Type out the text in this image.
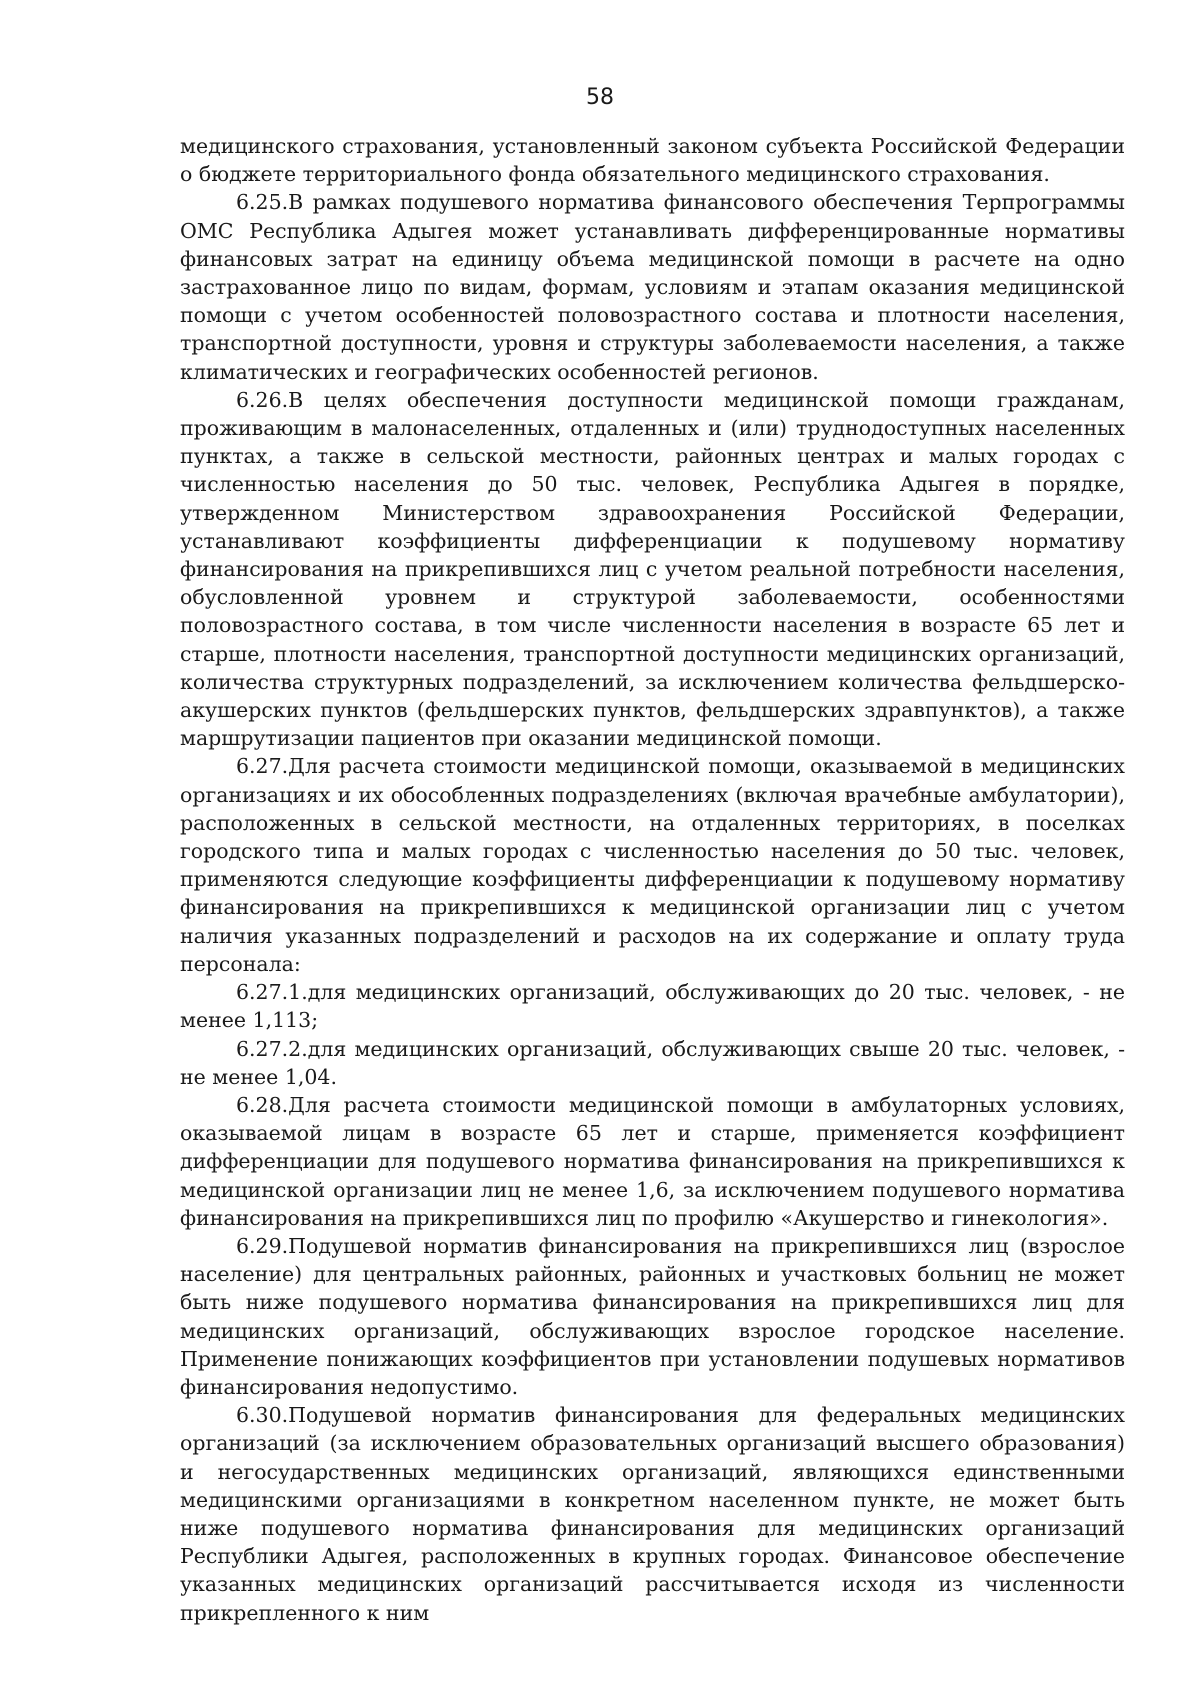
58

медицинского страхования, установленный законом субъекта Российской Федерации о бюджете территориального фонда обязательного медицинского страхования.

6.25.В рамках подушевого норматива финансового обеспечения Терпрограммы ОМС Республика Адыгея может устанавливать дифференцированные нормативы финансовых затрат на единицу объема медицинской помощи в расчете на одно застрахованное лицо по видам, формам, условиям и этапам оказания медицинской помощи с учетом особенностей половозрастного состава и плотности населения, транспортной доступности, уровня и структуры заболеваемости населения, а также климатических и географических особенностей регионов.

6.26.В целях обеспечения доступности медицинской помощи гражданам, проживающим в малонаселенных, отдаленных и (или) труднодоступных населенных пунктах, а также в сельской местности, районных центрах и малых городах с численностью населения до 50 тыс. человек, Республика Адыгея в порядке, утвержденном Министерством здравоохранения Российской Федерации, устанавливают коэффициенты дифференциации к подушевому нормативу финансирования на прикрепившихся лиц с учетом реальной потребности населения, обусловленной уровнем и структурой заболеваемости, особенностями половозрастного состава, в том числе численности населения в возрасте 65 лет и старше, плотности населения, транспортной доступности медицинских организаций, количества структурных подразделений, за исключением количества фельдшерско-акушерских пунктов (фельдшерских пунктов, фельдшерских здравпунктов), а также маршрутизации пациентов при оказании медицинской помощи.

6.27.Для расчета стоимости медицинской помощи, оказываемой в медицинских организациях и их обособленных подразделениях (включая врачебные амбулатории), расположенных в сельской местности, на отдаленных территориях, в поселках городского типа и малых городах с численностью населения до 50 тыс. человек, применяются следующие коэффициенты дифференциации к подушевому нормативу финансирования на прикрепившихся к медицинской организации лиц с учетом наличия указанных подразделений и расходов на их содержание и оплату труда персонала:

6.27.1.для медицинских организаций, обслуживающих до 20 тыс. человек, - не менее 1,113;

6.27.2.для медицинских организаций, обслуживающих свыше 20 тыс. человек, - не менее 1,04.

6.28.Для расчета стоимости медицинской помощи в амбулаторных условиях, оказываемой лицам в возрасте 65 лет и старше, применяется коэффициент дифференциации для подушевого норматива финансирования на прикрепившихся к медицинской организации лиц не менее 1,6, за исключением подушевого норматива финансирования на прикрепившихся лиц по профилю «Акушерство и гинекология».

6.29.Подушевой норматив финансирования на прикрепившихся лиц (взрослое население) для центральных районных, районных и участковых больниц не может быть ниже подушевого норматива финансирования на прикрепившихся лиц для медицинских организаций, обслуживающих взрослое городское население. Применение понижающих коэффициентов при установлении подушевых нормативов финансирования недопустимо.

6.30.Подушевой норматив финансирования для федеральных медицинских организаций (за исключением образовательных организаций высшего образования) и негосударственных медицинских организаций, являющихся единственными медицинскими организациями в конкретном населенном пункте, не может быть ниже подушевого норматива финансирования для медицинских организаций Республики Адыгея, расположенных в крупных городах. Финансовое обеспечение указанных медицинских организаций рассчитывается исходя из численности прикрепленного к ним
